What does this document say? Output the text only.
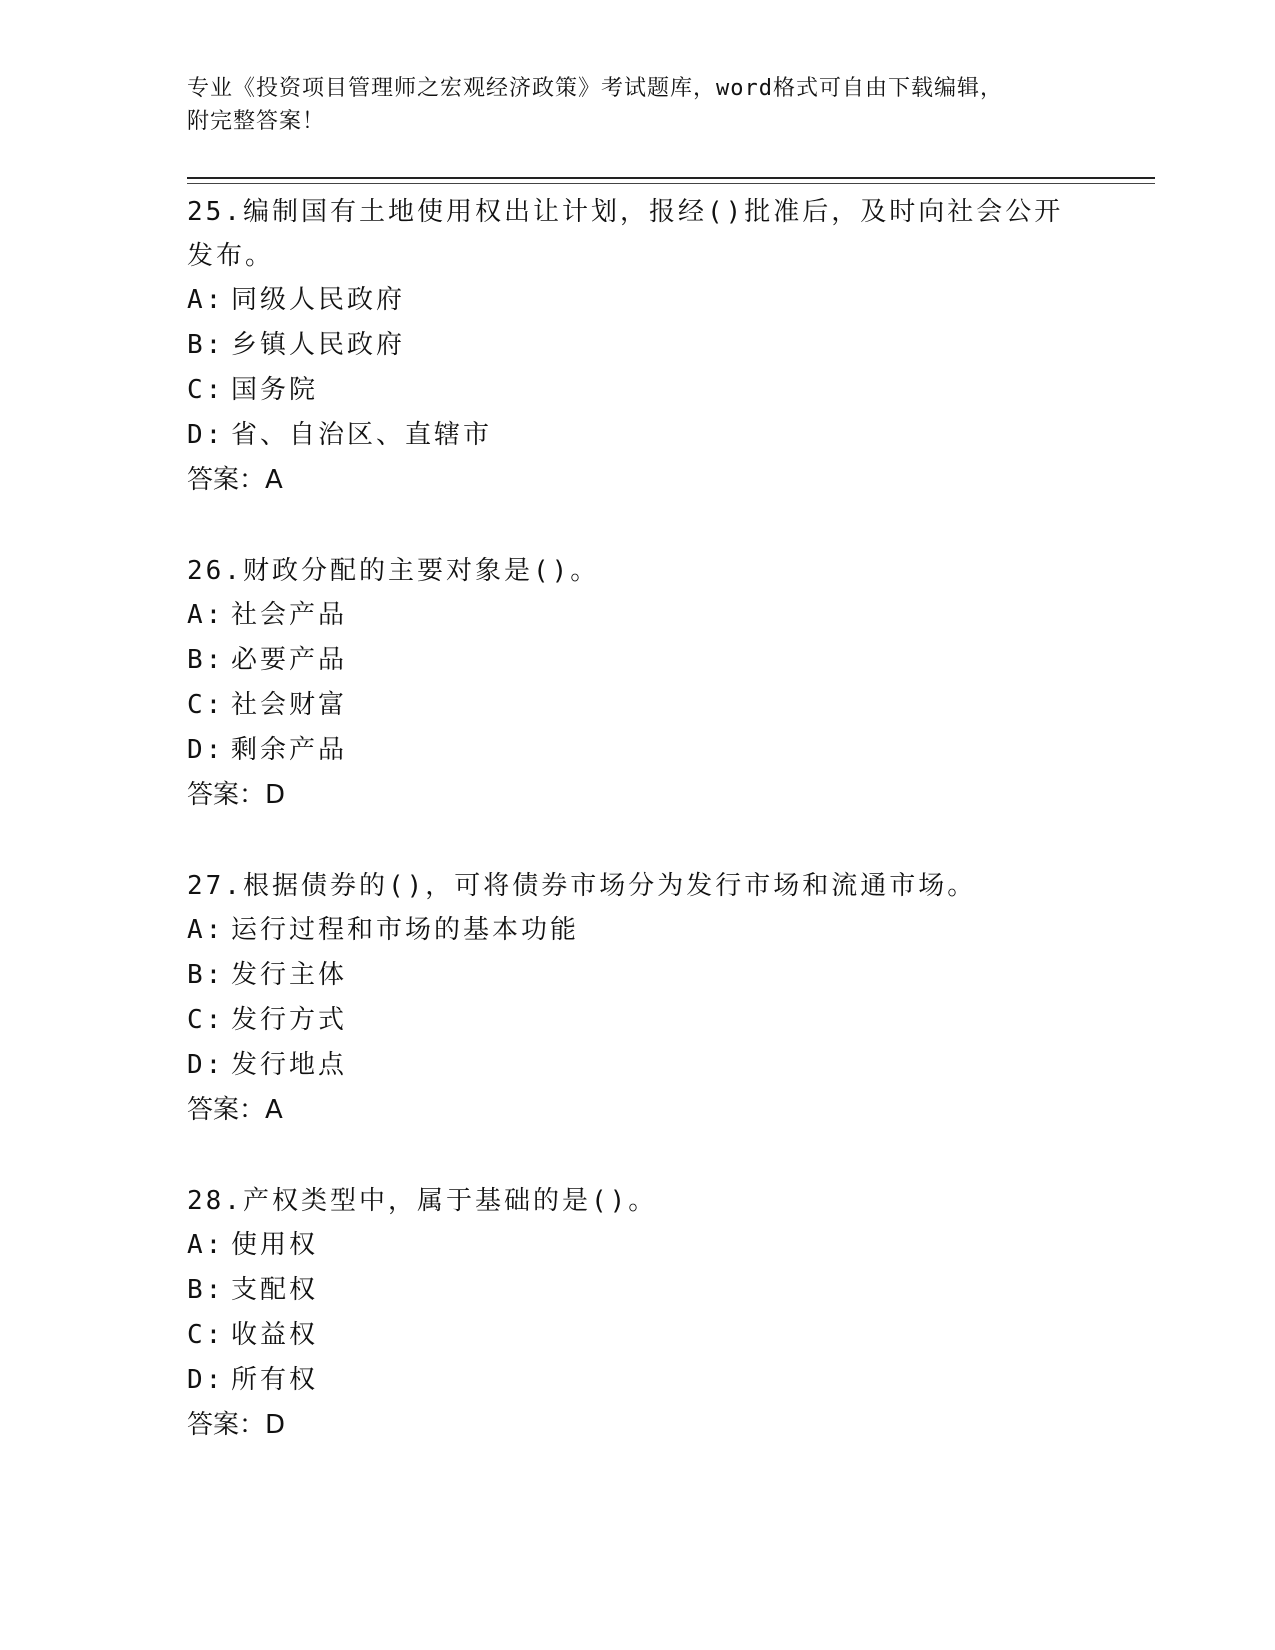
专业《投资项目管理师之宏观经济政策》考试题库，word格式可自由下载编辑，
附完整答案！
25.编制国有土地使用权出让计划，报经()批准后，及时向社会公开发布。
A: 同级人民政府
B: 乡镇人民政府
C: 国务院
D: 省、自治区、直辖市
答案：A
26.财政分配的主要对象是()。
A: 社会产品
B: 必要产品
C: 社会财富
D: 剩余产品
答案：D
27.根据债券的()，可将债券市场分为发行市场和流通市场。
A: 运行过程和市场的基本功能
B: 发行主体
C: 发行方式
D: 发行地点
答案：A
28.产权类型中，属于基础的是()。
A: 使用权
B: 支配权
C: 收益权
D: 所有权
答案：D
